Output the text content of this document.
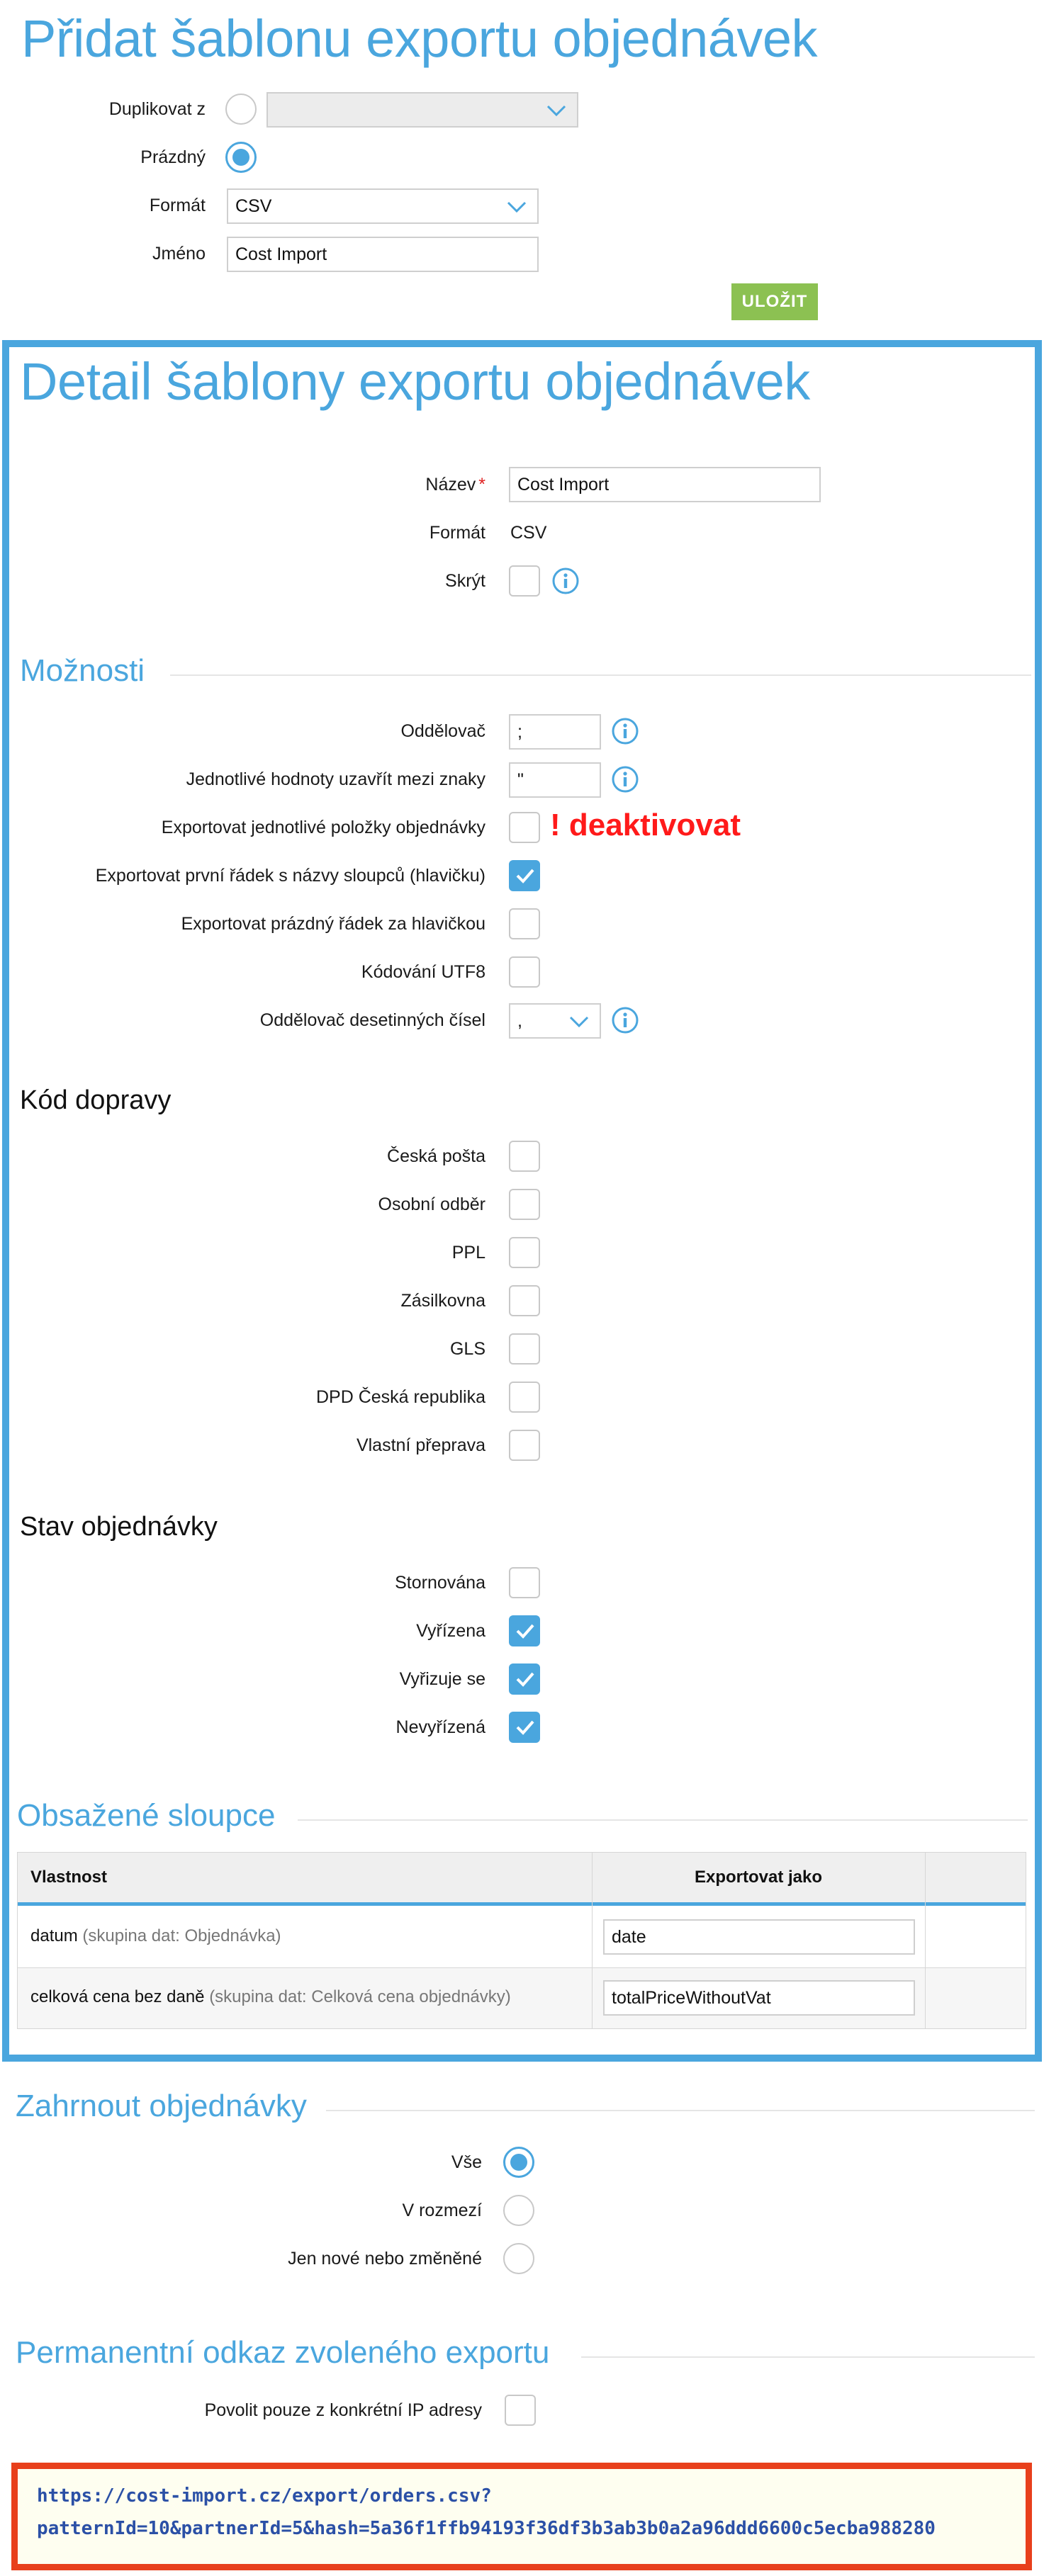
Přidat šablonu exportu objednávek
Duplikovat z
Prázdný
Formát	CSV
Jméno	Cost Import
ULOŽIT
Detail šablony exportu objednávek
Název *	Cost Import
Formát CSV
Skrýt
Možnosti
Oddělovač	;
Jednotlivé hodnoty uzavřít mezi znaky	"
Exportovat jednotlivé položky objednávky ! deaktivovat
Exportovat první řádek s názvy sloupců (hlavičku)
Exportovat prázdný řádek za hlavičkou
Kódování UTF8
Oddělovač desetinných čísel	,
Kód dopravy
Česká pošta
Osobní odběr
PPL
Zásilkovna
GLS
DPD Česká republika
Vlastní přeprava
Stav objednávky
Stornována
Vyřízena
Vyřizuje se
Nevyřízená
Obsažené sloupce
Vlastnost	Exportovat jako
datum (skupina dat: Objednávka)	date
celková cena bez daně (skupina dat: Celková cena objednávky)	totalPriceWithoutVat
Zahrnout objednávky
Vše
V rozmezí
Jen nové nebo změněné
Permanentní odkaz zvoleného exportu
Povolit pouze z konkrétní IP adresy
https://cost-import.cz/export/orders.csv?
patternId=10&partnerId=5&hash=5a36f1ffb94193f36df3b3ab3b0a2a96ddd6600c5ecba988280
